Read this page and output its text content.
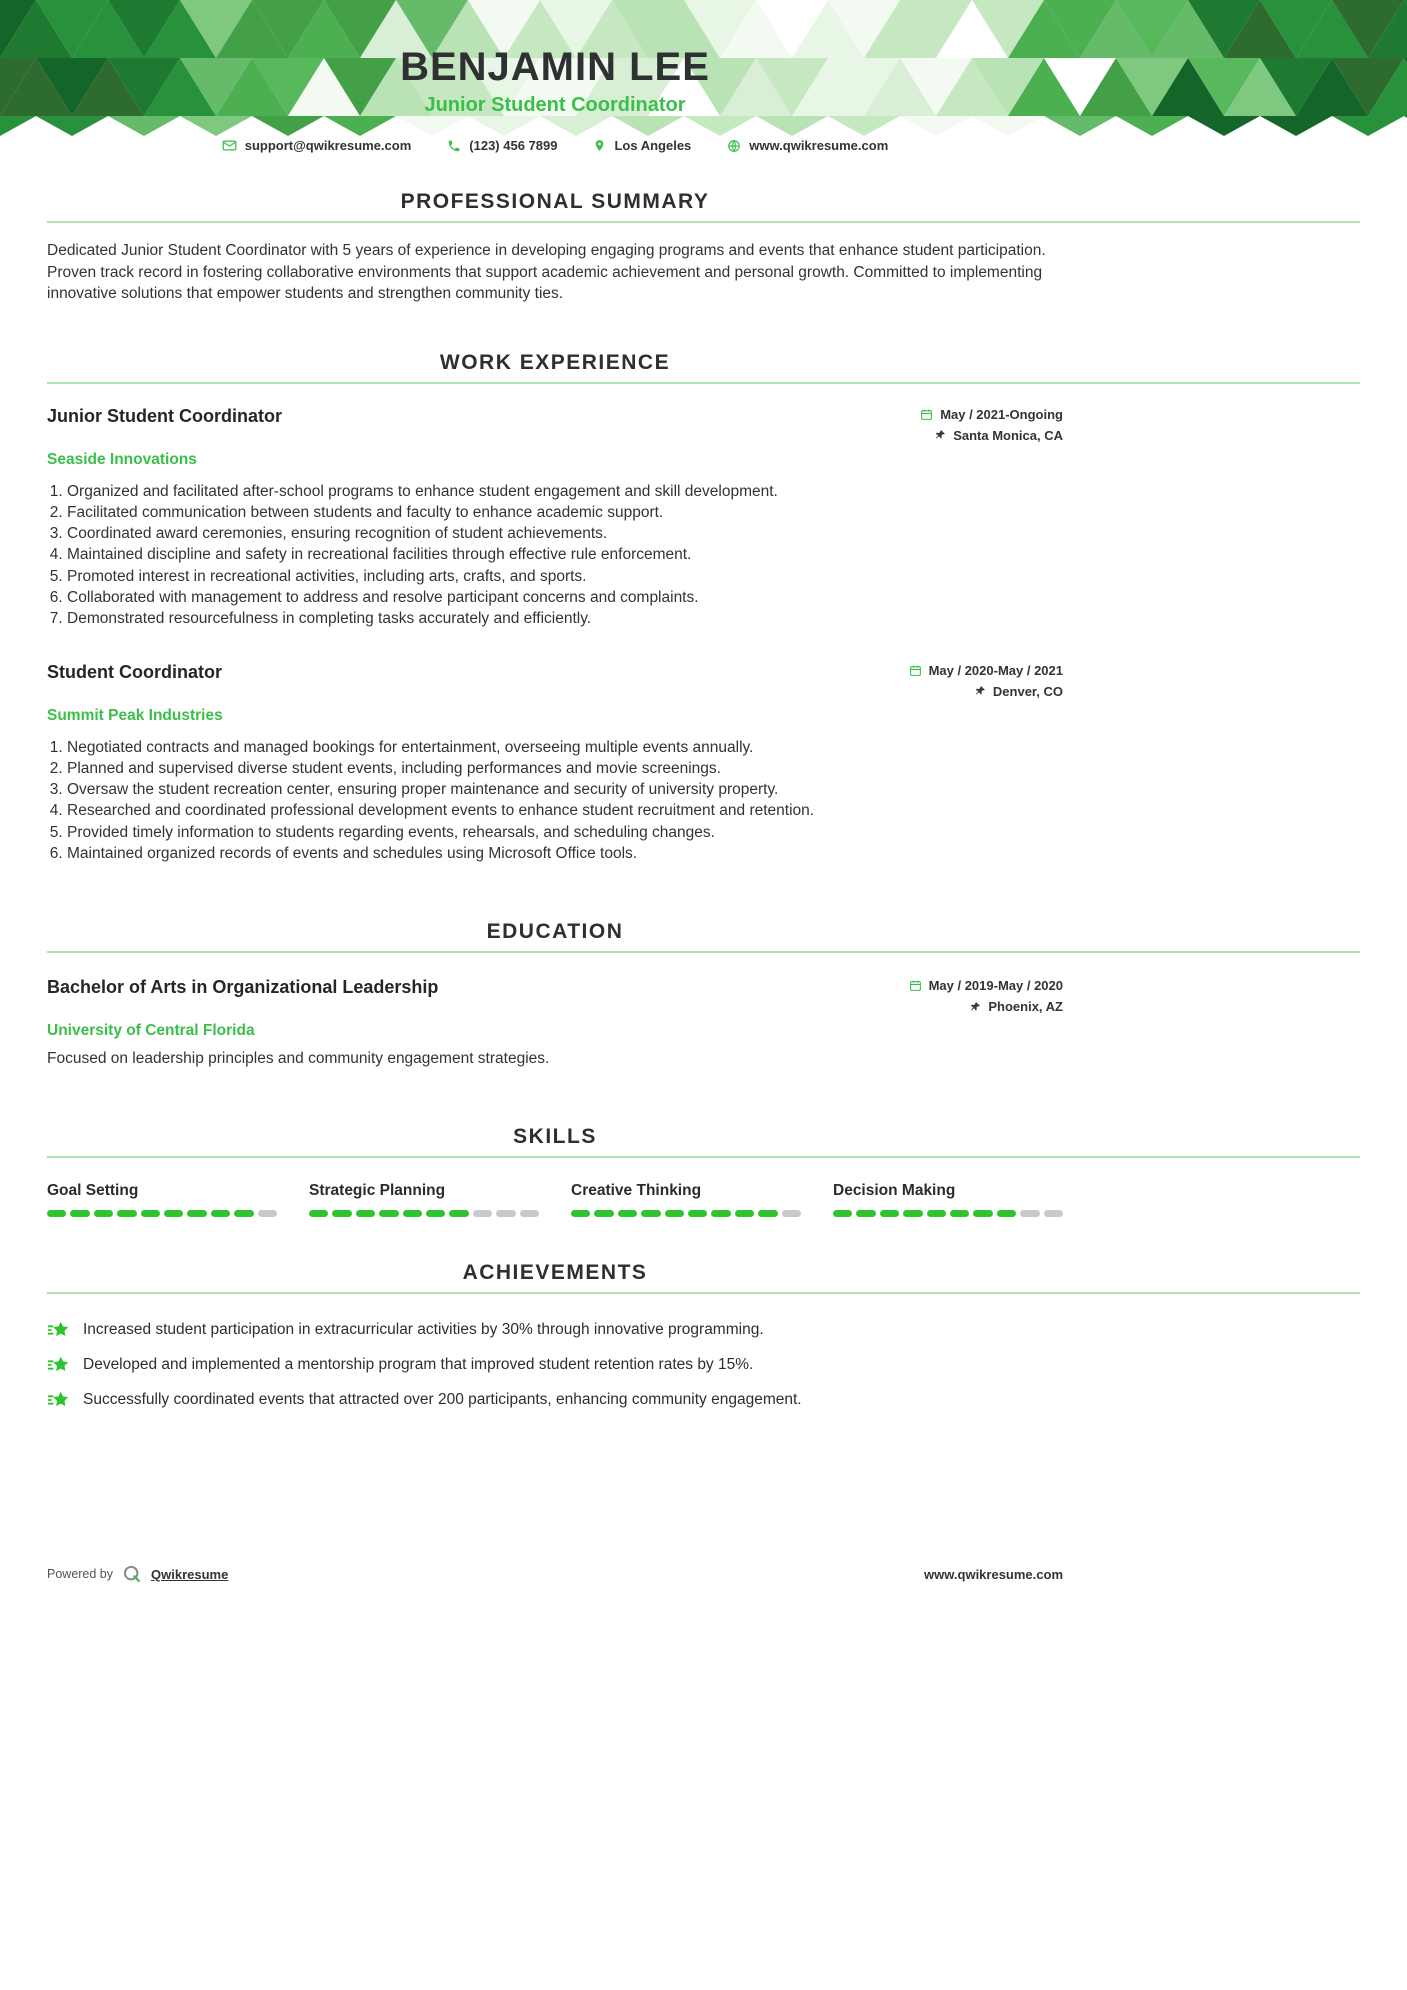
BENJAMIN LEE
Junior Student Coordinator
support@qwikresume.com	(123) 456 7899	Los Angeles	www.qwikresume.com
PROFESSIONAL SUMMARY

Dedicated Junior Student Coordinator with 5 years of experience in developing engaging programs and events that enhance student participation. Proven track record in fostering collaborative environments that support academic achievement and personal growth. Committed to implementing innovative solutions that empower students and strengthen community ties.

WORK EXPERIENCE
Junior Student Coordinator	May / 2021-Ongoing
Santa Monica, CA
Seaside Innovations
1. Organized and facilitated after-school programs to enhance student engagement and skill development.
2. Facilitated communication between students and faculty to enhance academic support.
3. Coordinated award ceremonies, ensuring recognition of student achievements.
4. Maintained discipline and safety in recreational facilities through effective rule enforcement.
5. Promoted interest in recreational activities, including arts, crafts, and sports.
6. Collaborated with management to address and resolve participant concerns and complaints.
7. Demonstrated resourcefulness in completing tasks accurately and efficiently.
Student Coordinator	May / 2020-May / 2021
Denver, CO
Summit Peak Industries
1. Negotiated contracts and managed bookings for entertainment, overseeing multiple events annually.
2. Planned and supervised diverse student events, including performances and movie screenings.
3. Oversaw the student recreation center, ensuring proper maintenance and security of university property.
4. Researched and coordinated professional development events to enhance student recruitment and retention.
5. Provided timely information to students regarding events, rehearsals, and scheduling changes.
6. Maintained organized records of events and schedules using Microsoft Office tools.
EDUCATION
Bachelor of Arts in Organizational Leadership	May / 2019-May / 2020
Phoenix, AZ
University of Central Florida
Focused on leadership principles and community engagement strategies.
SKILLS
Goal Setting	Strategic Planning	Creative Thinking	Decision Making
ACHIEVEMENTS
Increased student participation in extracurricular activities by 30% through innovative programming.
Developed and implemented a mentorship program that improved student retention rates by 15%.
Successfully coordinated events that attracted over 200 participants, enhancing community engagement.
Powered by	Qwikresume	www.qwikresume.com
